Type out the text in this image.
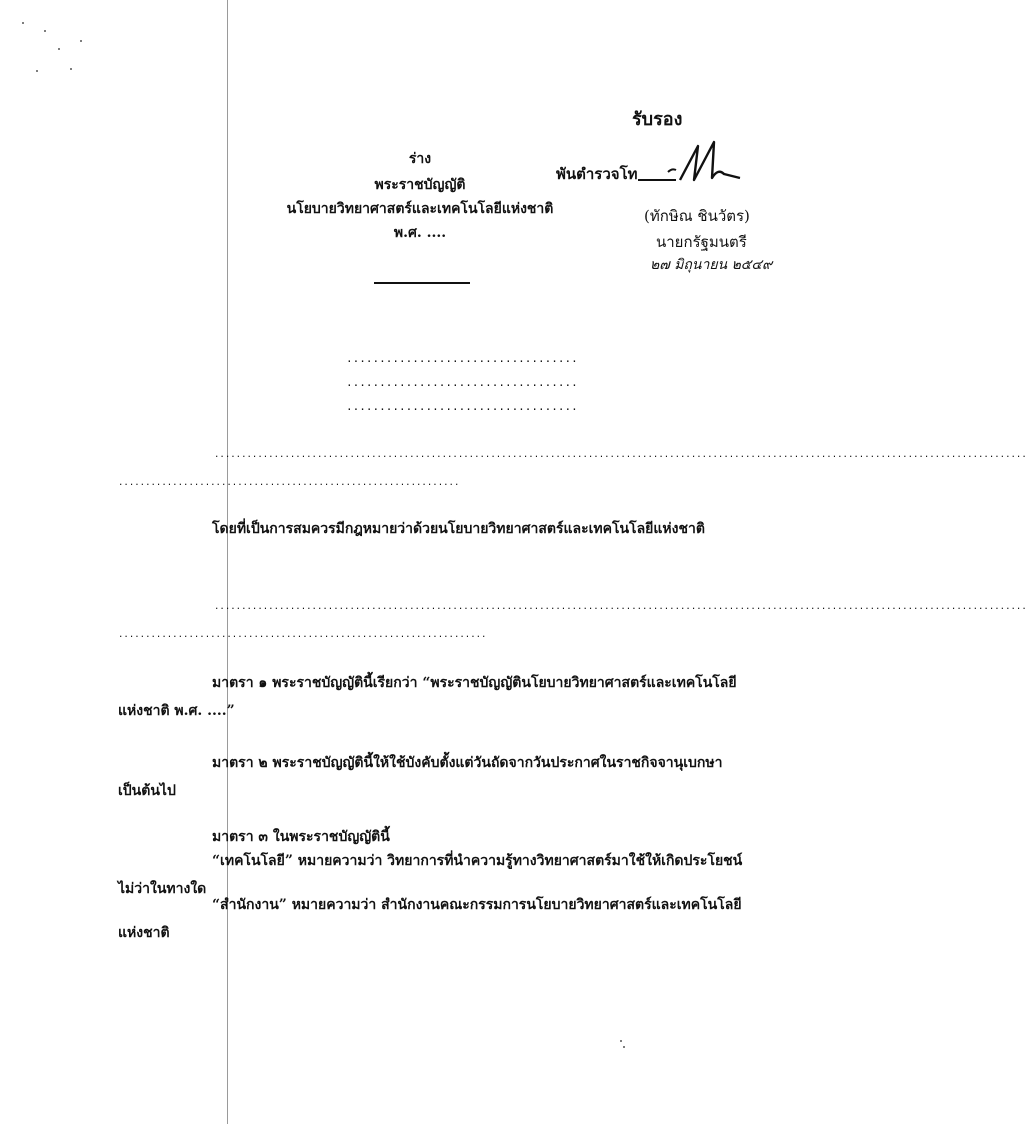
รับรอง
พันตำรวจโท
(ทักษิณ ชินวัตร)
นายกรัฐมนตรี
๒๗ มิถุนายน ๒๕๔๙
ร่าง
พระราชบัญญัติ
นโยบายวิทยาศาสตร์และเทคโนโลยีแห่งชาติ
พ.ศ. ....
...................................
...................................
...................................
......................................................................................................................................................
...............................................................
โดยที่เป็นการสมควรมีกฎหมายว่าด้วยนโยบายวิทยาศาสตร์และเทคโนโลยีแห่งชาติ
......................................................................................................................................................
....................................................................
มาตรา ๑ พระราชบัญญัตินี้เรียกว่า “พระราชบัญญัตินโยบายวิทยาศาสตร์และเทคโนโลยี
แห่งชาติ พ.ศ. ....”
มาตรา ๒ พระราชบัญญัตินี้ให้ใช้บังคับตั้งแต่วันถัดจากวันประกาศในราชกิจจานุเบกษา
เป็นต้นไป
มาตรา ๓ ในพระราชบัญญัตินี้
“เทคโนโลยี” หมายความว่า วิทยาการที่นำความรู้ทางวิทยาศาสตร์มาใช้ให้เกิดประโยชน์
ไม่ว่าในทางใด
“สำนักงาน” หมายความว่า สำนักงานคณะกรรมการนโยบายวิทยาศาสตร์และเทคโนโลยี
แห่งชาติ
